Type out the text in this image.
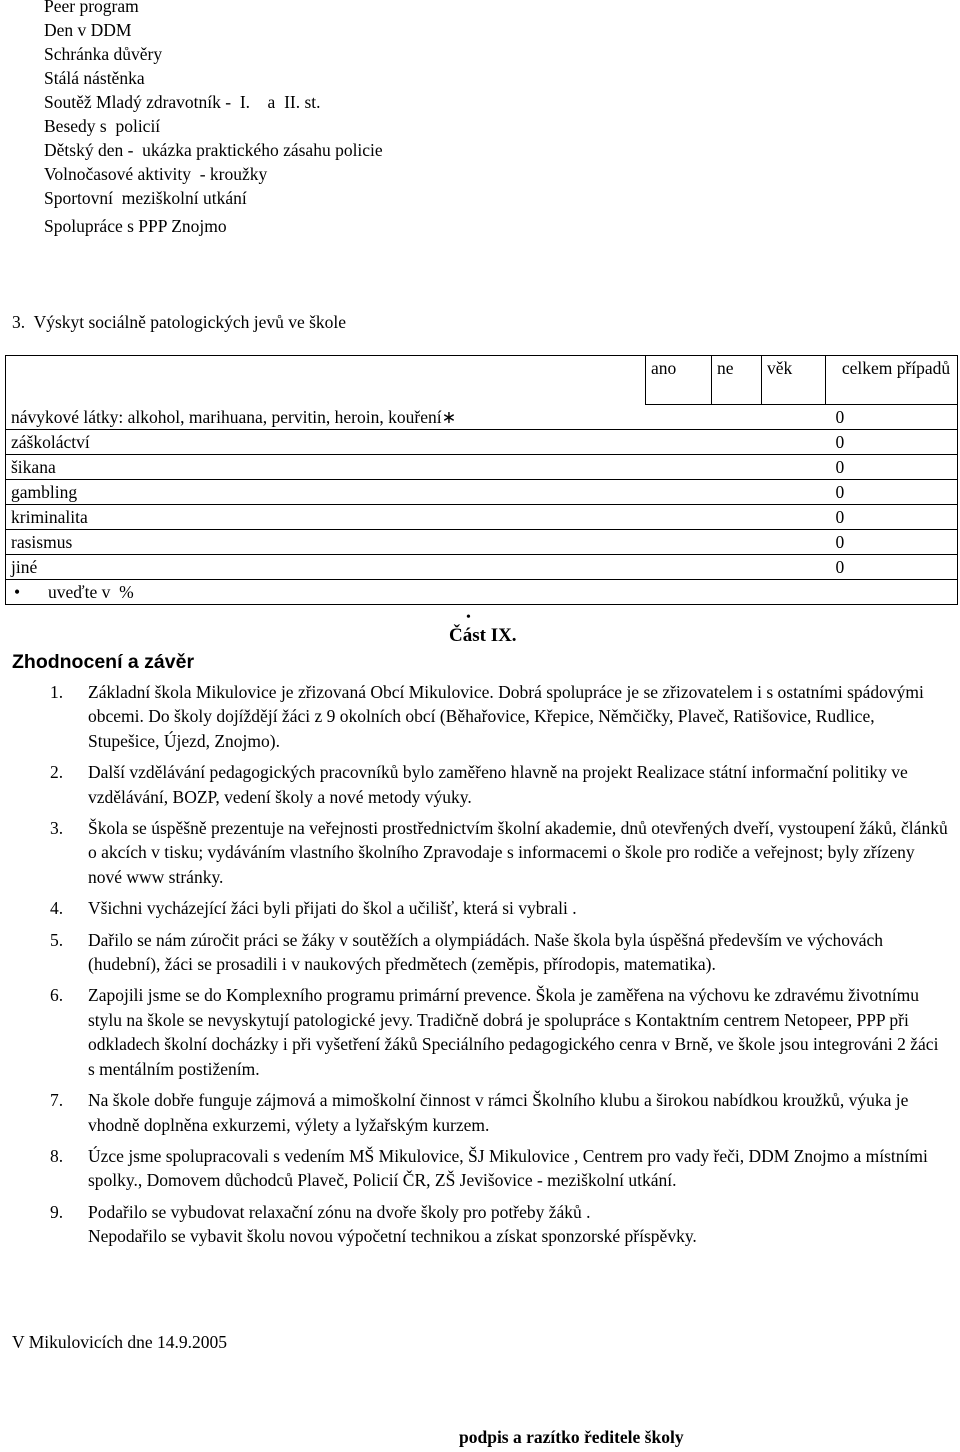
Peer program
Den v DDM
Schránka důvěry
Stálá nástěnka
Soutěž Mladý zdravotník -  I.    a  II. st.
Besedy s  policií
Dětský den -  ukázka praktického zásahu policie
Volnočasové aktivity  - kroužky
Sportovní  meziškolní utkání
Spolupráce s PPP Znojmo
3. Výskyt sociálně patologických jevů ve škole
	ano	ne	věk	celkem případů
návykové látky: alkohol, marihuana, pervitin, heroin, kouření∗				0
záškoláctví				0
šikana				0
gambling				0
kriminalita				0
rasismus				0
jiné				0
• uveďte v  %				
•
Část IX.
Zhodnocení a závěr
1. Základní škola Mikulovice je zřizovaná Obcí Mikulovice. Dobrá spolupráce je se zřizovatelem i s ostatními spádovými obcemi. Do školy dojíždějí žáci z 9 okolních obcí (Běhařovice, Křepice, Němčičky, Plaveč, Ratišovice, Rudlice, Stupešice, Újezd, Znojmo).
2. Další vzdělávání pedagogických pracovníků bylo zaměřeno hlavně na projekt Realizace státní informační politiky ve vzdělávání, BOZP, vedení školy a nové metody výuky.
3. Škola se úspěšně prezentuje na veřejnosti prostřednictvím školní akademie, dnů otevřených dveří, vystoupení žáků, článků o akcích v tisku; vydáváním vlastního školního Zpravodaje s informacemi o škole pro rodiče a veřejnost; byly zřízeny nové www stránky.
4. Všichni vycházející žáci byli přijati do škol a učilišť, která si vybrali .
5. Dařilo se nám zúročit práci se žáky v soutěžích a olympiádách. Naše škola byla úspěšná především ve výchovách (hudební), žáci se prosadili i v naukových předmětech (zeměpis, přírodopis, matematika).
6. Zapojili jsme se do Komplexního programu primární prevence. Škola je zaměřena na výchovu ke zdravému životnímu stylu na škole se nevyskytují patologické jevy. Tradičně dobrá je spolupráce s Kontaktním centrem Netopeer, PPP při odkladech školní docházky i při vyšetření žáků Speciálního pedagogického cenra v Brně, ve škole jsou integrováni 2 žáci s mentálním postižením.
7. Na škole dobře funguje zájmová a mimoškolní činnost v rámci Školního klubu a širokou nabídkou kroužků, výuka je vhodně doplněna exkurzemi, výlety a lyžařským kurzem.
8. Úzce jsme spolupracovali s vedením MŠ Mikulovice, ŠJ Mikulovice , Centrem pro vady řeči, DDM Znojmo a místními spolky., Domovem důchodců Plaveč, Policií ČR, ZŠ Jevišovice - meziškolní utkání.
9. Podařilo se vybudovat relaxační zónu na dvoře školy pro potřeby žáků .
Nepodařilo se vybavit školu novou výpočetní technikou a získat sponzorské příspěvky.
V Mikulovicích dne 14.9.2005
podpis a razítko ředitele školy
